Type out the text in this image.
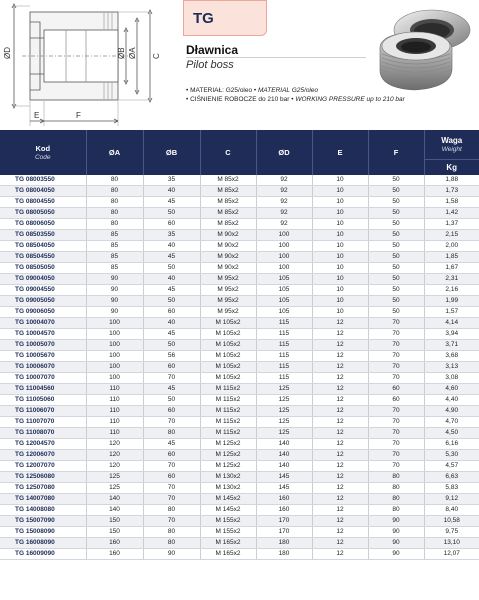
ØD	ØB ØA C
E	F
TG
Dławnica
Pilot boss
• MATERIAŁ: G25/oleo • MATERIAL G25/oleo
• CIŚNIENIE ROBOCZE do 210 bar • WORKING PRESSURE up to 210 bar
Kod
Code	ØA	ØB	C	ØD	E	F	Waga
Weight

							Kg
TG 08003550	80	35	M 85x2	92	10	50	1,88
TG 08004050	80	40	M 85x2	92	10	50	1,73
TG 08004550	80	45	M 85x2	92	10	50	1,58
TG 08005050	80	50	M 85x2	92	10	50	1,42
TG 08006050	80	60	M 85x2	92	10	50	1,37
TG 08503550	85	35	M 90x2	100	10	50	2,15
TG 08504050	85	40	M 90x2	100	10	50	2,00
TG 08504550	85	45	M 90x2	100	10	50	1,85
TG 08505050	85	50	M 90x2	100	10	50	1,67
TG 09004050	90	40	M 95x2	105	10	50	2,31
TG 09004550	90	45	M 95x2	105	10	50	2,16
TG 09005050	90	50	M 95x2	105	10	50	1,99
TG 09006050	90	60	M 95x2	105	10	50	1,57
TG 10004070	100	40	M 105x2	115	12	70	4,14
TG 10004570	100	45	M 105x2	115	12	70	3,94
TG 10005070	100	50	M 105x2	115	12	70	3,71
TG 10005670	100	56	M 105x2	115	12	70	3,68
TG 10006070	100	60	M 105x2	115	12	70	3,13
TG 10007070	100	70	M 105x2	115	12	70	3,08
TG 11004560	110	45	M 115x2	125	12	60	4,60
TG 11005060	110	50	M 115x2	125	12	60	4,40
TG 11006070	110	60	M 115x2	125	12	70	4,90
TG 11007070	110	70	M 115x2	125	12	70	4,70
TG 11008070	110	80	M 115x2	125	12	70	4,50
TG 12004570	120	45	M 125x2	140	12	70	6,16
TG 12006070	120	60	M 125x2	140	12	70	5,30
TG 12007070	120	70	M 125x2	140	12	70	4,57
TG 12506080	125	60	M 130x2	145	12	80	6,63
TG 12507080	125	70	M 130x2	145	12	80	5,83
TG 14007080	140	70	M 145x2	160	12	80	9,12
TG 14008080	140	80	M 145x2	160	12	80	8,40
TG 15007090	150	70	M 155x2	170	12	90	10,58
TG 15008090	150	80	M 155x2	170	12	90	9,75
TG 16008090	160	80	M 165x2	180	12	90	13,10
TG 16009090	160	90	M 165x2	180	12	90	12,07
